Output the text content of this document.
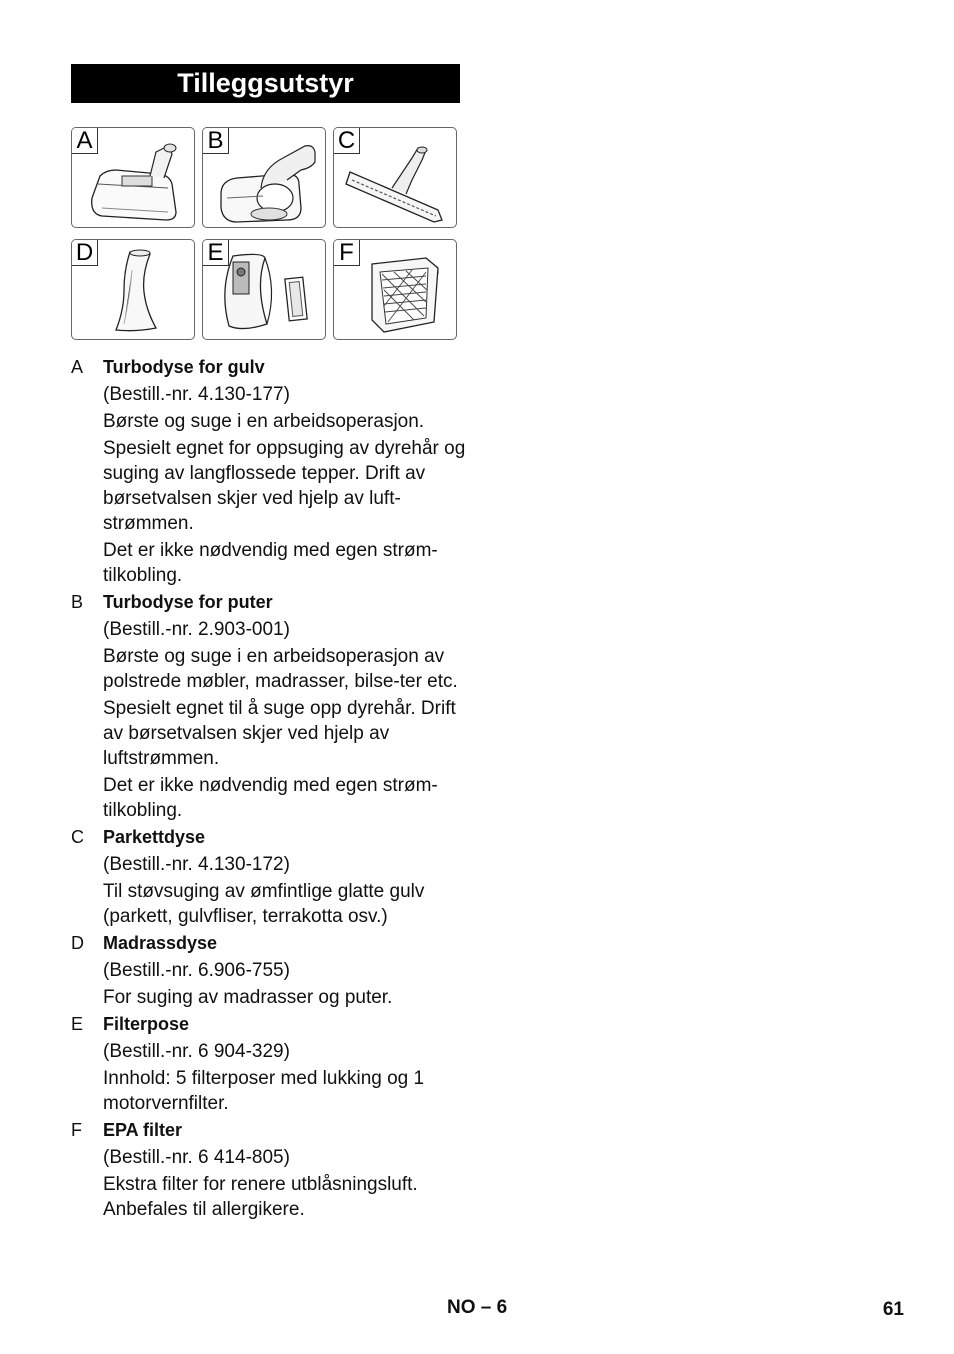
Tilleggsutstyr
A	B	C
D	E	F
A Turbodyse for gulv

(Bestill.-nr. 4.130-177)

Børste og suge i en arbeidsoperasjon.

Spesielt egnet for oppsuging av dyrehår og suging av langflossede tepper. Drift av børsetvalsen skjer ved hjelp av luft-strømmen.

Det er ikke nødvendig med egen strøm-tilkobling.

B Turbodyse for puter

(Bestill.-nr. 2.903-001)

Børste og suge i en arbeidsoperasjon av polstrede møbler, madrasser, bilse-ter etc.

Spesielt egnet til å suge opp dyrehår. Drift av børsetvalsen skjer ved hjelp av luftstrømmen.

Det er ikke nødvendig med egen strøm-tilkobling.

C Parkettdyse

(Bestill.-nr. 4.130-172)

Til støvsuging av ømfintlige glatte gulv (parkett, gulvfliser, terrakotta osv.)

D Madrassdyse

(Bestill.-nr. 6.906-755)

For suging av madrasser og puter.

E Filterpose

(Bestill.-nr. 6 904-329)

Innhold: 5 filterposer med lukking og 1 motorvernfilter.

F EPA filter

(Bestill.-nr. 6 414-805)

Ekstra filter for renere utblåsningsluft. Anbefales til allergikere.

NO – 6	61
